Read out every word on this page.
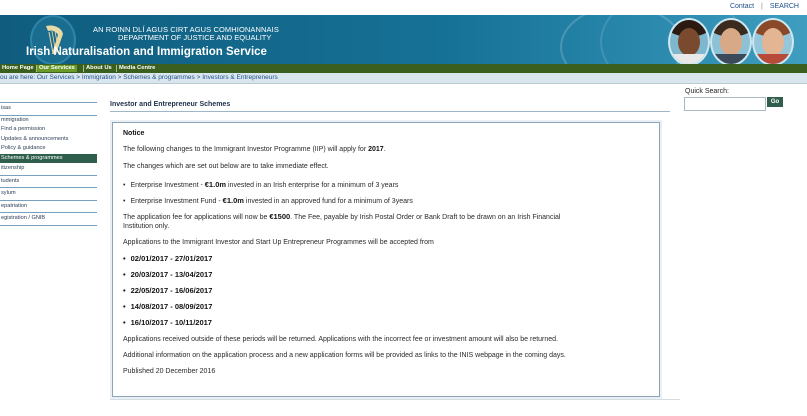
Contact | SEARCH
AN ROINN DLÍ AGUS CIRT AGUS COMHIONANNAIS
DEPARTMENT OF JUSTICE AND EQUALITY
Irish Naturalisation and Immigration Service
Home Page Our Services	About Us	Media Centre
ou are here: Our Services > Immigration > Schemes & programmes > Investors & Entrepreneurs
isas
mmigration
Find a permission
Updates & announcements
Policy & guidance
Schemes & programmes
itizenship
tudents
sylum
epatriation
egistration / GNIB
Investor and Entrepreneur Schemes
Notice
The following changes to the Immigrant Investor Programme (IIP) will apply for 2017.
The changes which are set out below are to take immediate effect.
• Enterprise Investment - €1.0m invested in an Irish enterprise for a minimum of 3 years
• Enterprise Investment Fund - €1.0m invested in an approved fund for a minimum of 3years
The application fee for applications will now be €1500. The Fee, payable by Irish Postal Order or Bank Draft to be drawn on an Irish Financial
Institution only.
Applications to the Immigrant Investor and Start Up Entrepreneur Programmes will be accepted from
• 02/01/2017 - 27/01/2017
• 20/03/2017 - 13/04/2017
• 22/05/2017 - 16/06/2017
• 14/08/2017 - 08/09/2017
• 16/10/2017 - 10/11/2017
Applications received outside of these periods will be returned. Applications with the incorrect fee or investment amount will also be returned.
Additional information on the application process and a new application forms will be provided as links to the INIS webpage in the coming days.
Published 20 December 2016
Quick Search:
Go
